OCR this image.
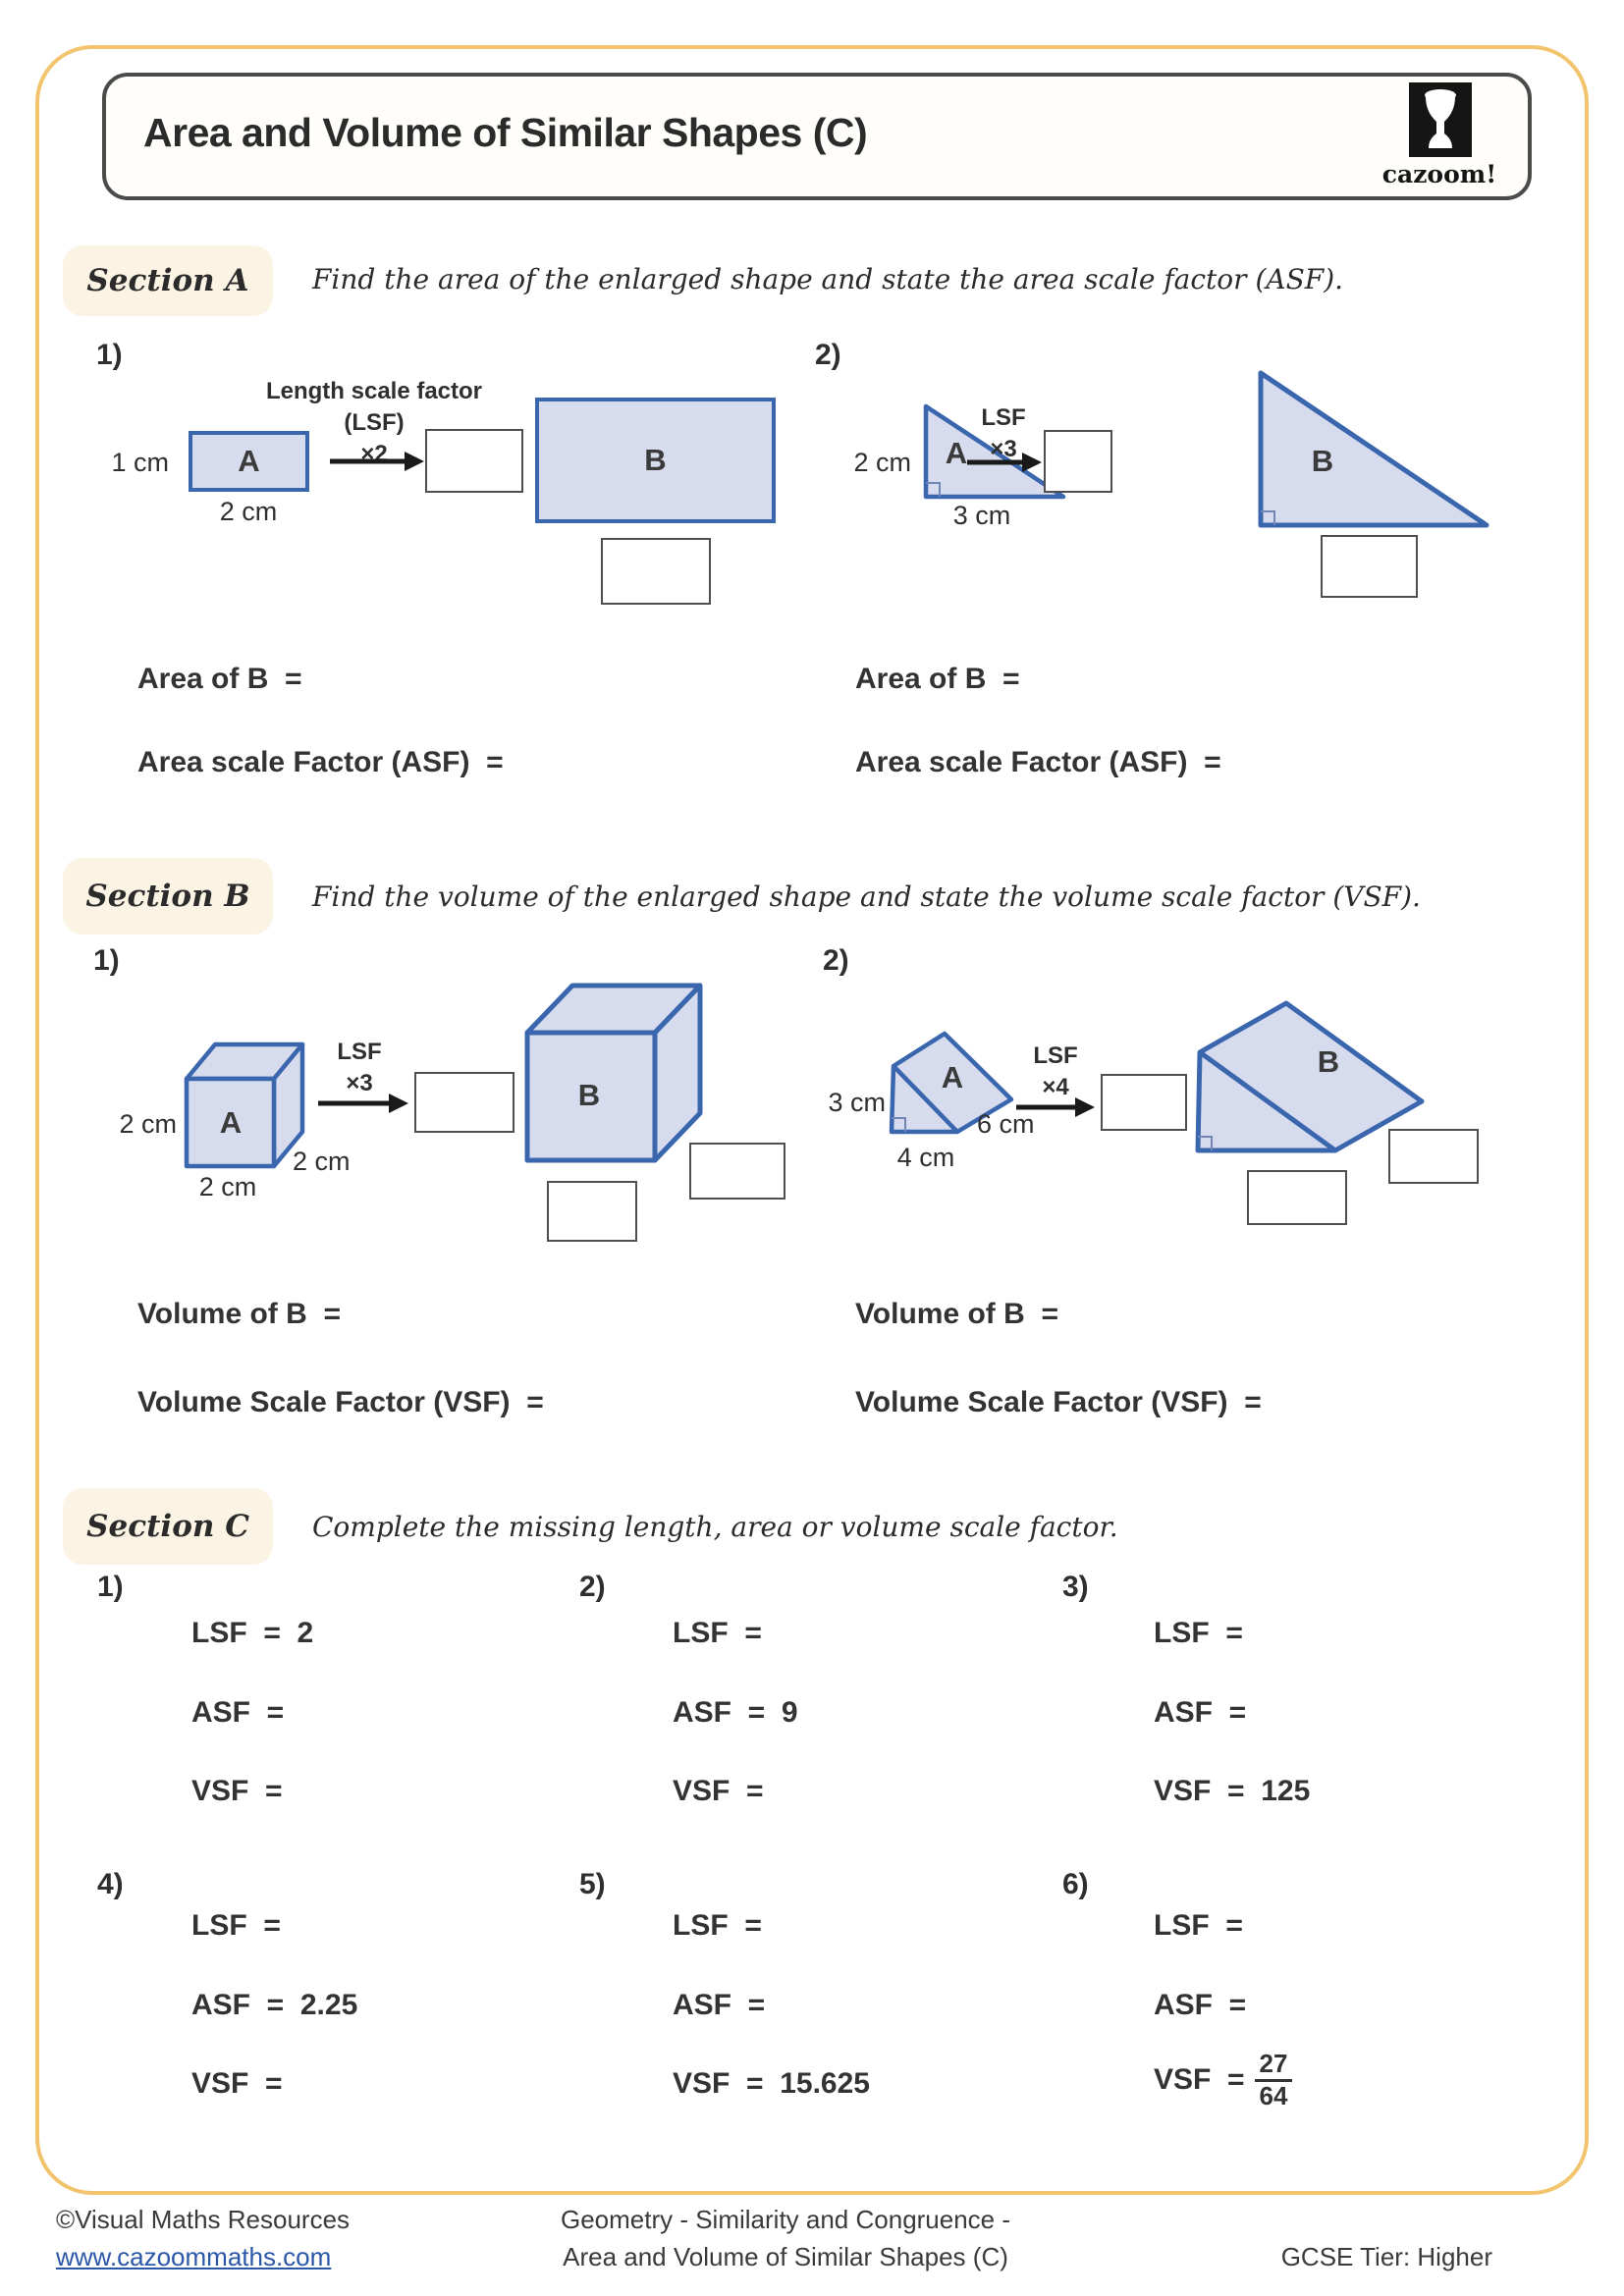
Area and Volume of Similar Shapes (C)
cazoom!
Section A	Find the area of the enlarged shape and state the area scale factor (ASF).
1)
Length scale factor
(LSF)
×2
1 cm A
2 cm
B
2)
2 cm	A
3 cm
LSF
×3	B
Area of B  =	Area of B  =
Area scale Factor (ASF)  =	Area scale Factor (ASF)  =
Section B	Find the volume of the enlarged shape and state the volume scale factor (VSF).
1)
A
2 cm
2 cm
2 cm
LSF
×3	B
2)
3 cm
A
4 cm
6 cm
LSF
×4
B
Volume of B  =	Volume of B  =
Volume Scale Factor (VSF)  =	Volume Scale Factor (VSF)  =
Section C	Complete the missing length, area or volume scale factor.
1)	2)	3)
LSF  =  2
ASF  =
VSF  =
LSF  =
ASF  =  9
VSF  =
LSF  =
ASF  =
VSF  =  125
4)	5)	6)
LSF  =
ASF  =  2.25
VSF  =
LSF  =
ASF  =
VSF  =  15.625
LSF  =
ASF  =
VSF  = $\frac{27}{64}$
©Visual Maths Resources
www.cazoommaths.com
Geometry - Similarity and Congruence -
Area and Volume of Similar Shapes (C)	GCSE Tier: Higher
